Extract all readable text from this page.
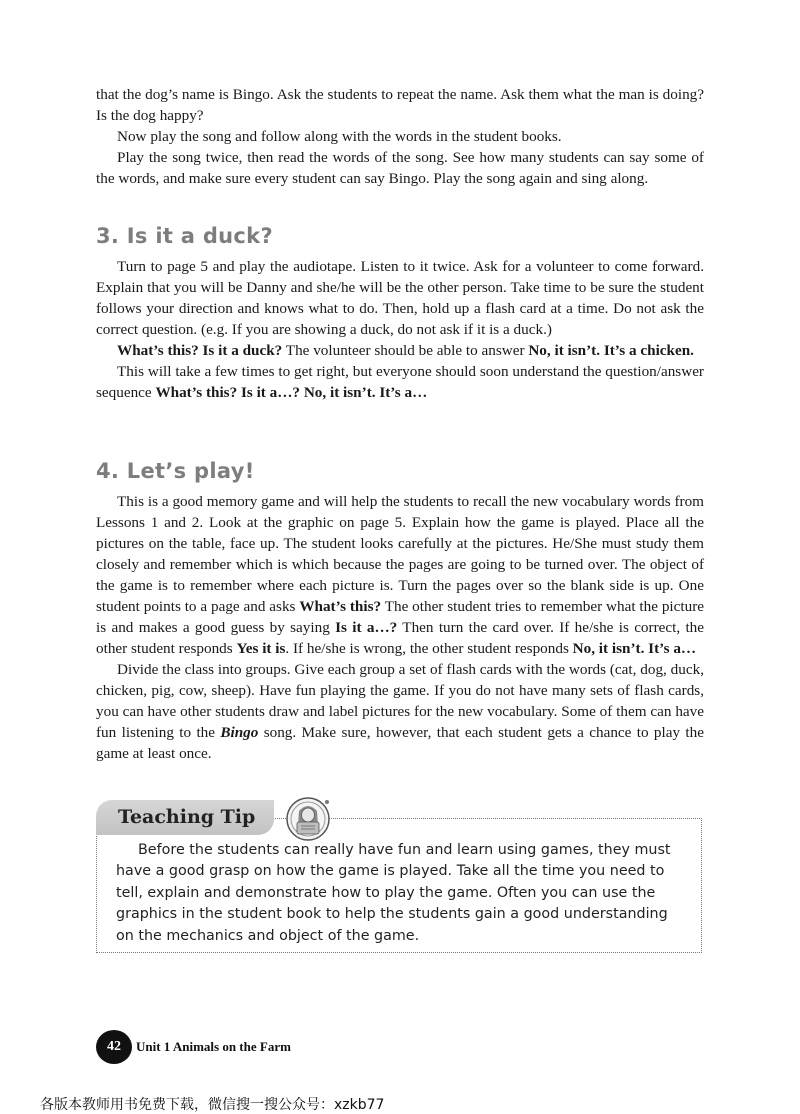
that the dog’s name is Bingo. Ask the students to repeat the name. Ask them what the man is doing? Is the dog happy?

Now play the song and follow along with the words in the student books.

Play the song twice, then read the words of the song. See how many students can say some of the words, and make sure every student can say Bingo. Play the song again and sing along.

3. Is it a duck?

Turn to page 5 and play the audiotape. Listen to it twice. Ask for a volunteer to come forward. Explain that you will be Danny and she/he will be the other person. Take time to be sure the student follows your direction and knows what to do. Then, hold up a flash card at a time. Do not ask the correct question. (e.g. If you are showing a duck, do not ask if it is a duck.)

What’s this? Is it a duck? The volunteer should be able to answer No, it isn’t. It’s a chicken.

This will take a few times to get right, but everyone should soon understand the question/answer sequence What’s this? Is it a…? No, it isn’t. It’s a…

4. Let’s play!

This is a good memory game and will help the students to recall the new vocabulary words from Lessons 1 and 2. Look at the graphic on page 5. Explain how the game is played. Place all the pictures on the table, face up. The student looks carefully at the pictures. He/She must study them closely and remember which is which because the pages are going to be turned over. The object of the game is to remember where each picture is. Turn the pages over so the blank side is up. One student points to a page and asks What’s this? The other student tries to remember what the picture is and makes a good guess by saying Is it a…? Then turn the card over. If he/she is correct, the other student responds Yes it is. If he/she is wrong, the other student responds No, it isn’t. It’s a…

Divide the class into groups. Give each group a set of flash cards with the words (cat, dog, duck, chicken, pig, cow, sheep). Have fun playing the game. If you do not have many sets of flash cards, you can have other students draw and label pictures for the new vocabulary. Some of them can have fun listening to the Bingo song. Make sure, however, that each student gets a chance to play the game at least once.

Teaching Tip

Before the students can really have fun and learn using games, they must have a good grasp on how the game is played. Take all the time you need to tell, explain and demonstrate how to play the game. Often you can use the graphics in the student book to help the students gain a good understanding on the mechanics and object of the game.

42	Unit 1 Animals on the Farm
各版本教师用书免费下载，微信搜一搜公众号：xzkb77
